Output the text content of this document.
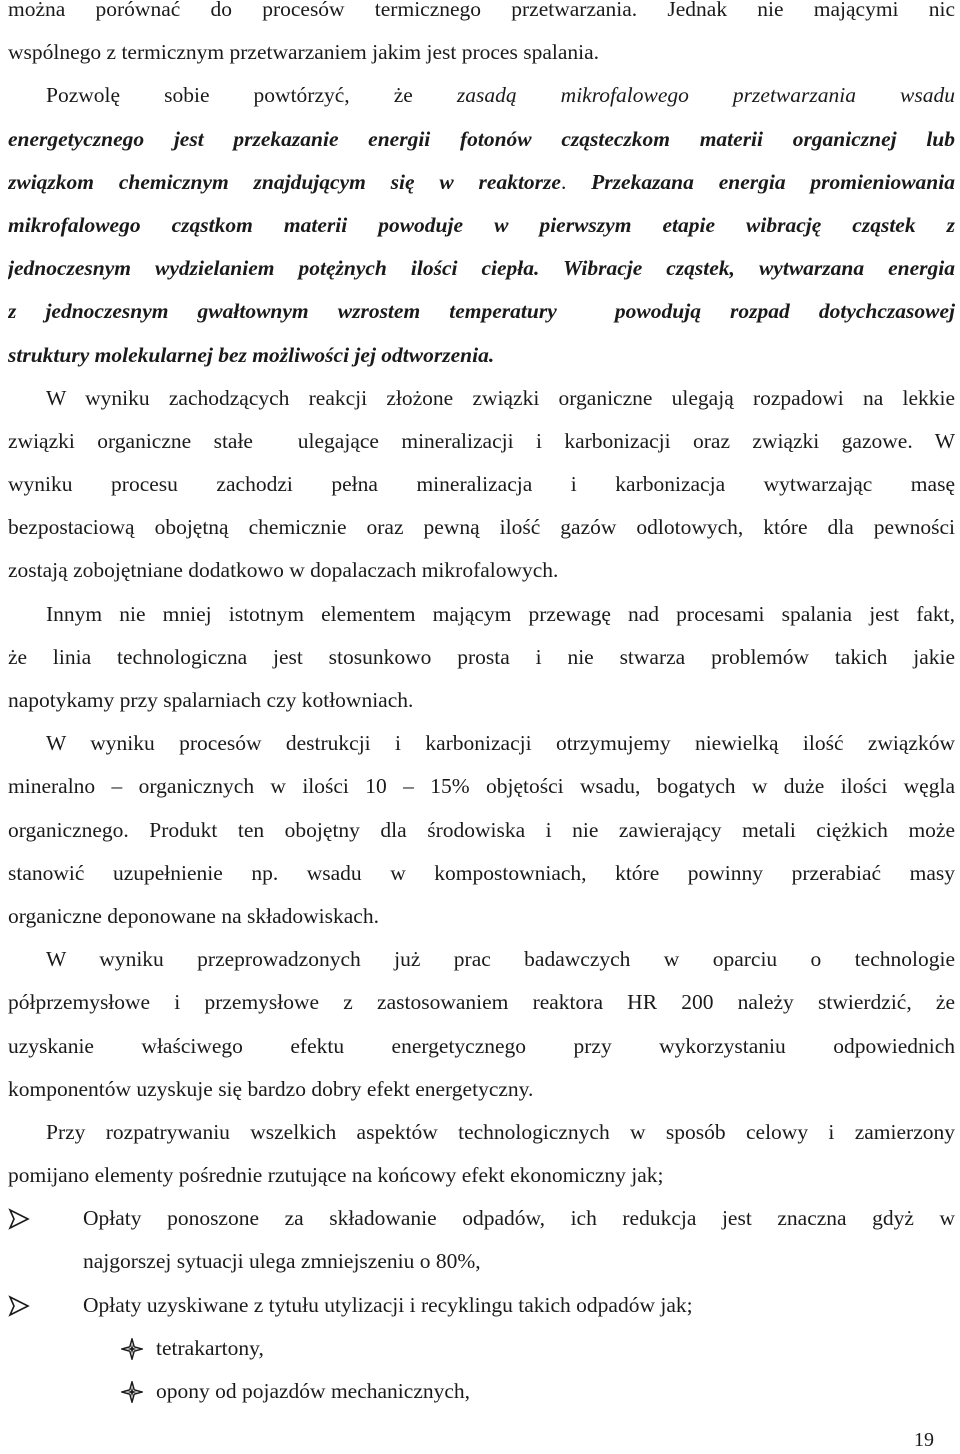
można porównać do procesów termicznego przetwarzania. Jednak nie mającymi nic
wspólnego z termicznym przetwarzaniem jakim jest proces spalania.
Pozwolę sobie powtórzyć, że zasadą mikrofalowego przetwarzania wsadu
energetycznego jest przekazanie energii fotonów cząsteczkom materii organicznej lub
związkom chemicznym znajdującym się w reaktorze. Przekazana energia promieniowania
mikrofalowego cząstkom materii powoduje w pierwszym etapie wibrację cząstek z
jednoczesnym wydzielaniem potężnych ilości ciepła. Wibracje cząstek, wytwarzana energia
z jednoczesnym gwałtownym wzrostem temperatury  powodują rozpad dotychczasowej
struktury molekularnej bez możliwości jej odtworzenia.
W wyniku zachodzących reakcji złożone związki organiczne ulegają rozpadowi na lekkie
związki organiczne stałe  ulegające mineralizacji i karbonizacji oraz związki gazowe. W
wyniku procesu zachodzi pełna mineralizacja i karbonizacja wytwarzając masę
bezpostaciową obojętną chemicznie oraz pewną ilość gazów odlotowych, które dla pewności
zostają zobojętniane dodatkowo w dopalaczach mikrofalowych.
Innym nie mniej istotnym elementem mającym przewagę nad procesami spalania jest fakt,
że linia technologiczna jest stosunkowo prosta i nie stwarza problemów takich jakie
napotykamy przy spalarniach czy kotłowniach.
W wyniku procesów destrukcji i karbonizacji otrzymujemy niewielką ilość związków
mineralno – organicznych w ilości 10 – 15% objętości wsadu, bogatych w duże ilości węgla
organicznego. Produkt ten obojętny dla środowiska i nie zawierający metali ciężkich może
stanowić uzupełnienie np. wsadu w kompostowniach, które powinny przerabiać masy
organiczne deponowane na składowiskach.
W wyniku przeprowadzonych już prac badawczych w oparciu o technologie
półprzemysłowe i przemysłowe z zastosowaniem reaktora HR 200 należy stwierdzić, że
uzyskanie właściwego efektu energetycznego przy wykorzystaniu odpowiednich
komponentów uzyskuje się bardzo dobry efekt energetyczny.
Przy rozpatrywaniu wszelkich aspektów technologicznych w sposób celowy i zamierzony
pomijano elementy pośrednie rzutujące na końcowy efekt ekonomiczny jak;
Opłaty ponoszone za składowanie odpadów, ich redukcja jest znaczna gdyż w
najgorszej sytuacji ulega zmniejszeniu o 80%,
Opłaty uzyskiwane z tytułu utylizacji i recyklingu takich odpadów jak;
tetrakartony,
opony od pojazdów mechanicznych,
19
